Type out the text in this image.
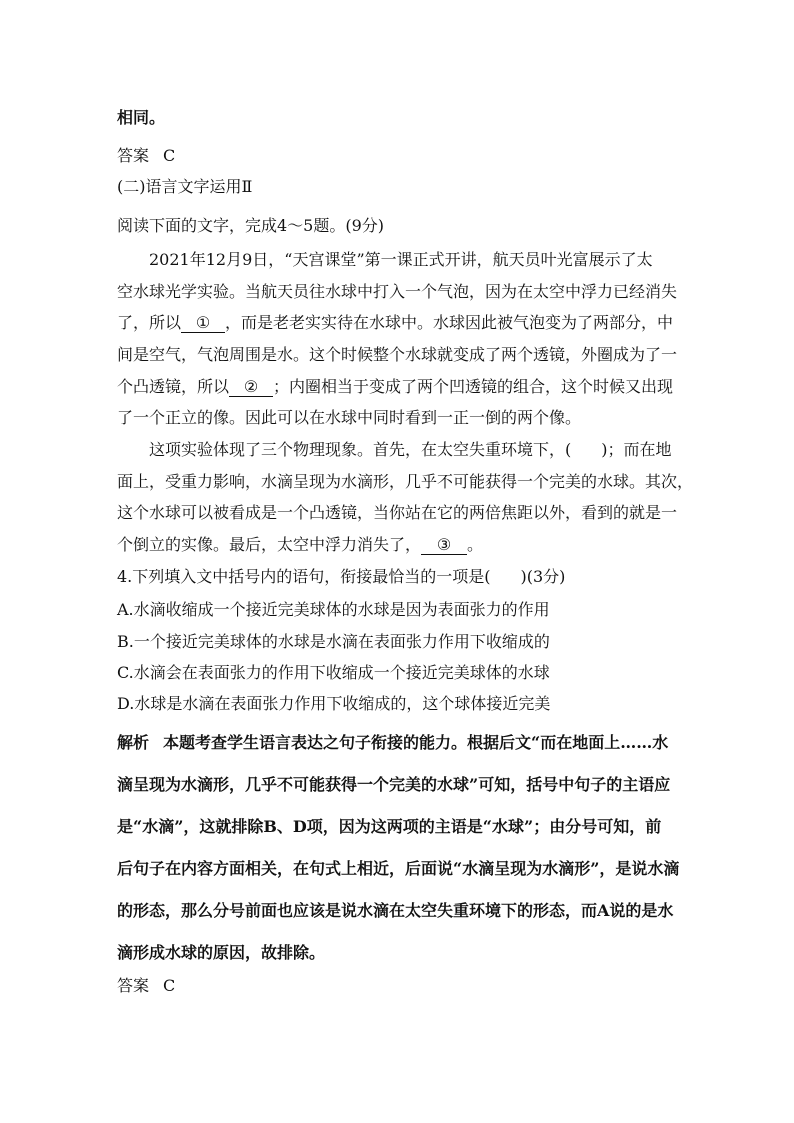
相同。
答案 C
(二)语言文字运用Ⅱ
阅读下面的文字，完成4～5题。(9分)
2021年12月9日，“天宫课堂”第一课正式开讲，航天员叶光富展示了太
空水球光学实验。当航天员往水球中打入一个气泡，因为在太空中浮力已经消失
了，所以 ① ，而是老老实实待在水球中。水球因此被气泡变为了两部分，中
间是空气，气泡周围是水。这个时候整个水球就变成了两个透镜，外圈成为了一
个凸透镜，所以 ② ；内圈相当于变成了两个凹透镜的组合，这个时候又出现
了一个正立的像。因此可以在水球中同时看到一正一倒的两个像。
这项实验体现了三个物理现象。首先，在太空失重环境下，( )；而在地
面上，受重力影响，水滴呈现为水滴形，几乎不可能获得一个完美的水球。其次，
这个水球可以被看成是一个凸透镜，当你站在它的两倍焦距以外，看到的就是一
个倒立的实像。最后，太空中浮力消失了， ③ 。
4.下列填入文中括号内的语句，衔接最恰当的一项是( )(3分)
A.水滴收缩成一个接近完美球体的水球是因为表面张力的作用
B.一个接近完美球体的水球是水滴在表面张力作用下收缩成的
C.水滴会在表面张力的作用下收缩成一个接近完美球体的水球
D.水球是水滴在表面张力作用下收缩成的，这个球体接近完美
解析 本题考查学生语言表达之句子衔接的能力。根据后文“而在地面上……水
滴呈现为水滴形，几乎不可能获得一个完美的水球”可知，括号中句子的主语应
是“水滴”，这就排除B、D项，因为这两项的主语是“水球”；由分号可知，前
后句子在内容方面相关，在句式上相近，后面说“水滴呈现为水滴形”，是说水滴
的形态，那么分号前面也应该是说水滴在太空失重环境下的形态，而A说的是水
滴形成水球的原因，故排除。
答案 C
